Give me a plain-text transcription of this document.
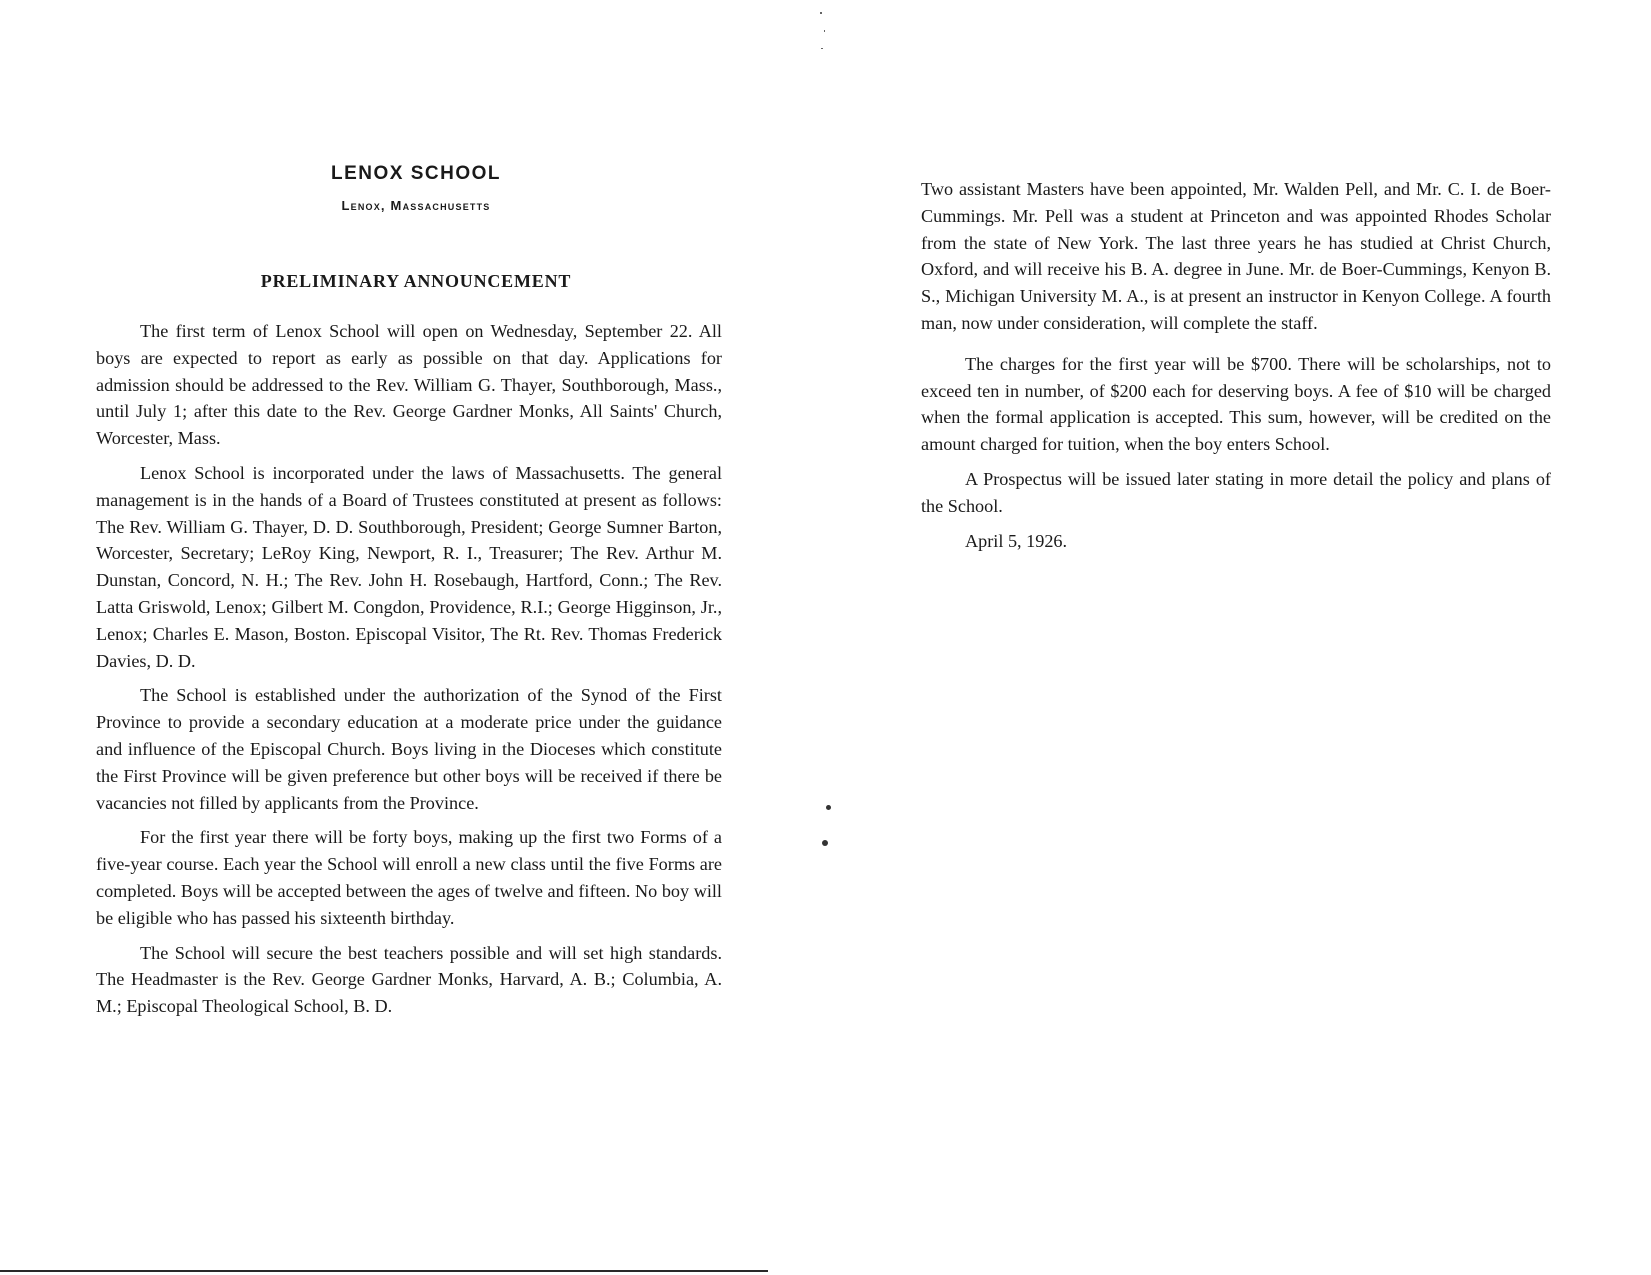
LENOX SCHOOL
Lenox, Massachusetts
PRELIMINARY ANNOUNCEMENT

The first term of Lenox School will open on Wednesday, September 22. All boys are expected to report as early as possible on that day. Applications for admission should be addressed to the Rev. William G. Thayer, Southborough, Mass., until July 1; after this date to the Rev. George Gardner Monks, All Saints' Church, Worcester, Mass.

Lenox School is incorporated under the laws of Massachusetts. The general management is in the hands of a Board of Trustees constituted at present as follows: The Rev. William G. Thayer, D. D. Southborough, President; George Sumner Barton, Worcester, Secretary; LeRoy King, Newport, R. I., Treasurer; The Rev. Arthur M. Dunstan, Concord, N. H.; The Rev. John H. Rosebaugh, Hartford, Conn.; The Rev. Latta Griswold, Lenox; Gilbert M. Congdon, Providence, R.I.; George Higginson, Jr., Lenox; Charles E. Mason, Boston. Episcopal Visitor, The Rt. Rev. Thomas Frederick Davies, D. D.

The School is established under the authorization of the Synod of the First Province to provide a secondary education at a moderate price under the guidance and influence of the Episcopal Church. Boys living in the Dioceses which constitute the First Province will be given preference but other boys will be received if there be vacancies not filled by applicants from the Province.

For the first year there will be forty boys, making up the first two Forms of a five-year course. Each year the School will enroll a new class until the five Forms are completed. Boys will be accepted between the ages of twelve and fifteen. No boy will be eligible who has passed his sixteenth birthday.

The School will secure the best teachers possible and will set high standards. The Headmaster is the Rev. George Gardner Monks, Harvard, A. B.; Columbia, A. M.; Episcopal Theological School, B. D.

Two assistant Masters have been appointed, Mr. Walden Pell, and Mr. C. I. de Boer-Cummings. Mr. Pell was a student at Princeton and was appointed Rhodes Scholar from the state of New York. The last three years he has studied at Christ Church, Oxford, and will receive his B. A. degree in June. Mr. de Boer-Cummings, Kenyon B. S., Michigan University M. A., is at present an instructor in Kenyon College. A fourth man, now under consideration, will complete the staff.

The charges for the first year will be $700. There will be scholarships, not to exceed ten in number, of $200 each for deserving boys. A fee of $10 will be charged when the formal application is accepted. This sum, however, will be credited on the amount charged for tuition, when the boy enters School.

A Prospectus will be issued later stating in more detail the policy and plans of the School.

April 5, 1926.
